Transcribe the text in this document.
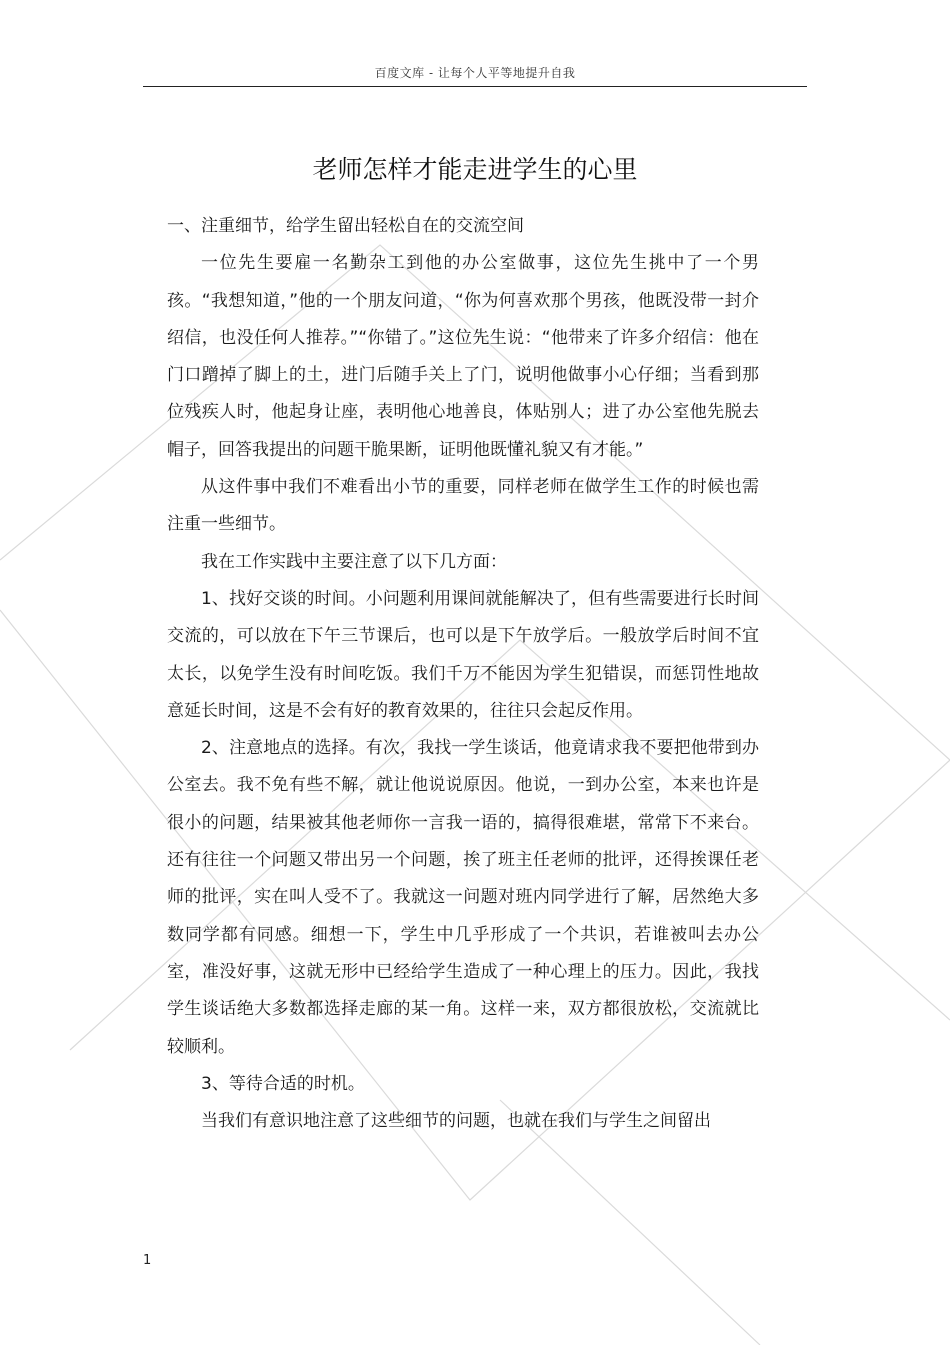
百度文库 - 让每个人平等地提升自我
老师怎样才能走进学生的心里

一、注重细节，给学生留出轻松自在的交流空间

一位先生要雇一名勤杂工到他的办公室做事，这位先生挑中了一个男孩。“我想知道，”他的一个朋友问道，“你为何喜欢那个男孩，他既没带一封介绍信，也没任何人推荐。”“你错了。”这位先生说：“他带来了许多介绍信：他在门口蹭掉了脚上的土，进门后随手关上了门，说明他做事小心仔细；当看到那位残疾人时，他起身让座，表明他心地善良，体贴别人；进了办公室他先脱去帽子，回答我提出的问题干脆果断，证明他既懂礼貌又有才能。”

从这件事中我们不难看出小节的重要，同样老师在做学生工作的时候也需注重一些细节。

我在工作实践中主要注意了以下几方面：

1、找好交谈的时间。小问题利用课间就能解决了，但有些需要进行长时间交流的，可以放在下午三节课后，也可以是下午放学后。一般放学后时间不宜太长，以免学生没有时间吃饭。我们千万不能因为学生犯错误，而惩罚性地故意延长时间，这是不会有好的教育效果的，往往只会起反作用。

2、注意地点的选择。有次，我找一学生谈话，他竟请求我不要把他带到办公室去。我不免有些不解，就让他说说原因。他说，一到办公室，本来也许是很小的问题，结果被其他老师你一言我一语的，搞得很难堪，常常下不来台。还有往往一个问题又带出另一个问题，挨了班主任老师的批评，还得挨课任老师的批评，实在叫人受不了。我就这一问题对班内同学进行了解，居然绝大多数同学都有同感。细想一下，学生中几乎形成了一个共识，若谁被叫去办公室，准没好事，这就无形中已经给学生造成了一种心理上的压力。因此，我找学生谈话绝大多数都选择走廊的某一角。这样一来，双方都很放松，交流就比较顺利。

3、等待合适的时机。

当我们有意识地注意了这些细节的问题，也就在我们与学生之间留出

1
